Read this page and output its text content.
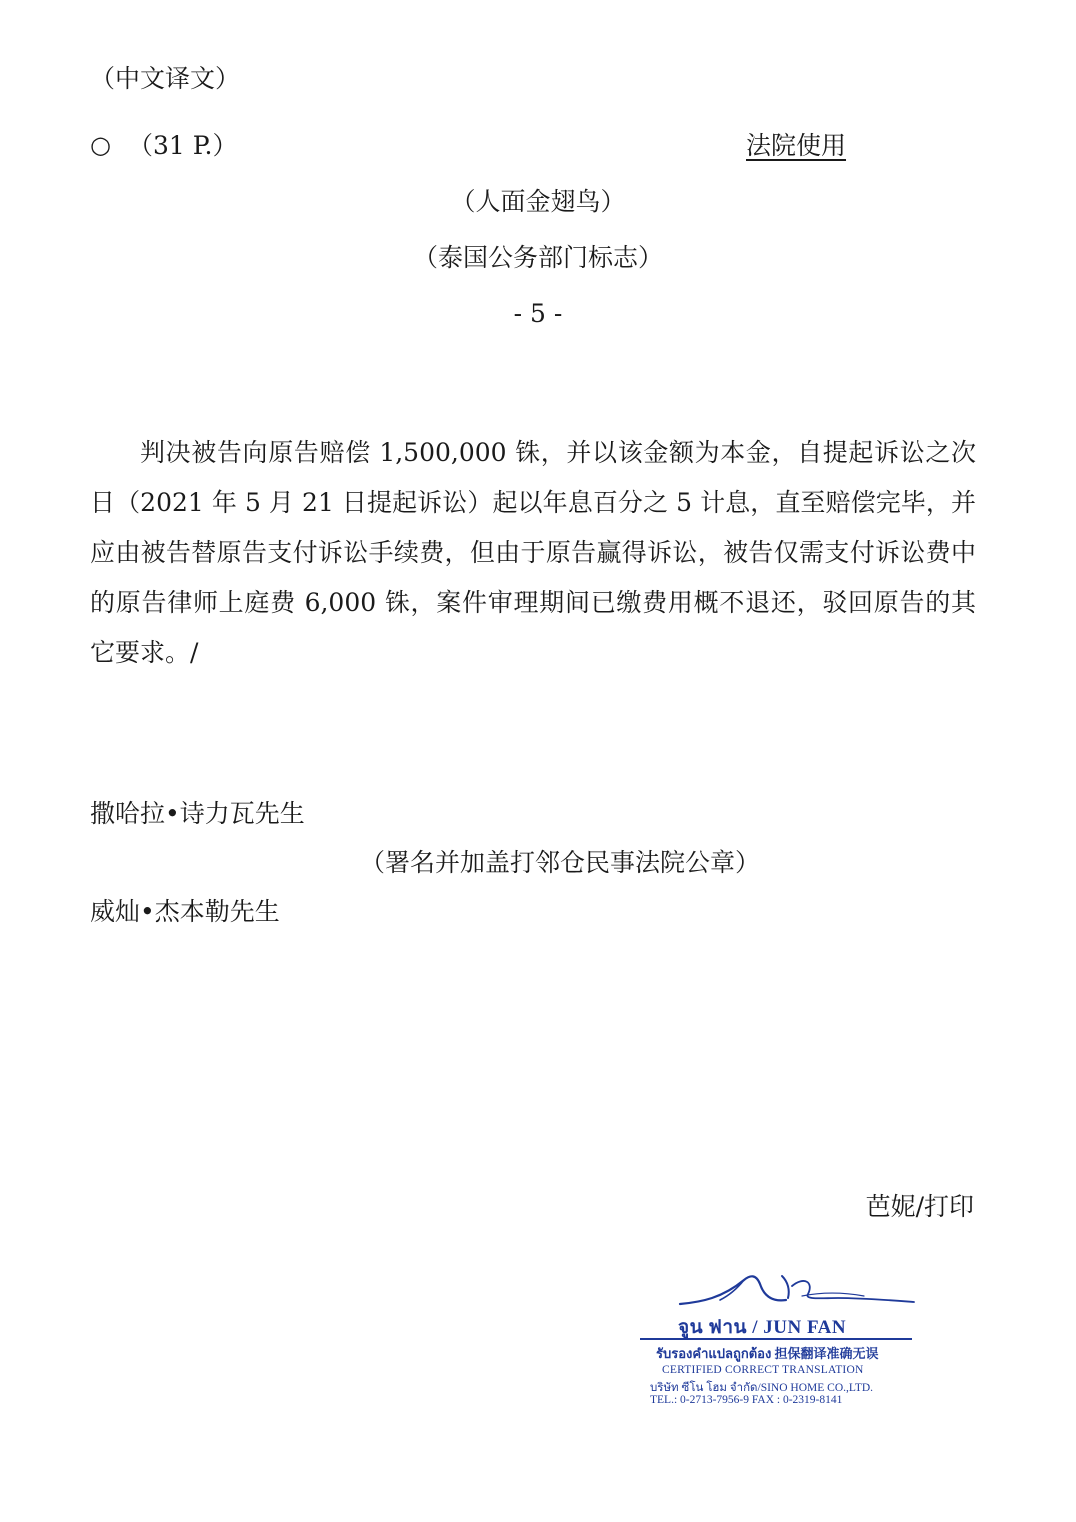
（中文译文）
○ （31 P.）	法院使用
（人面金翅鸟）
（泰国公务部门标志）
- 5 -

判决被告向原告赔偿 1,500,000 铢，并以该金额为本金，自提起诉讼之次日（2021 年 5 月 21 日提起诉讼）起以年息百分之 5 计息，直至赔偿完毕，并应由被告替原告支付诉讼手续费，但由于原告赢得诉讼，被告仅需支付诉讼费中的原告律师上庭费 6,000 铢，案件审理期间已缴费用概不退还，驳回原告的其它要求。/

撒哈拉•诗力瓦先生
（署名并加盖打邻仓民事法院公章）
威灿•杰本勒先生
芭妮/打印
จูน ฟาน / JUN FAN
รับรองคำแปลถูกต้อง 担保翻译准确无误
CERTIFIED CORRECT TRANSLATION
บริษัท ซีโน โฮม จำกัด/SINO HOME CO.,LTD.
TEL.: 0-2713-7956-9 FAX : 0-2319-8141
